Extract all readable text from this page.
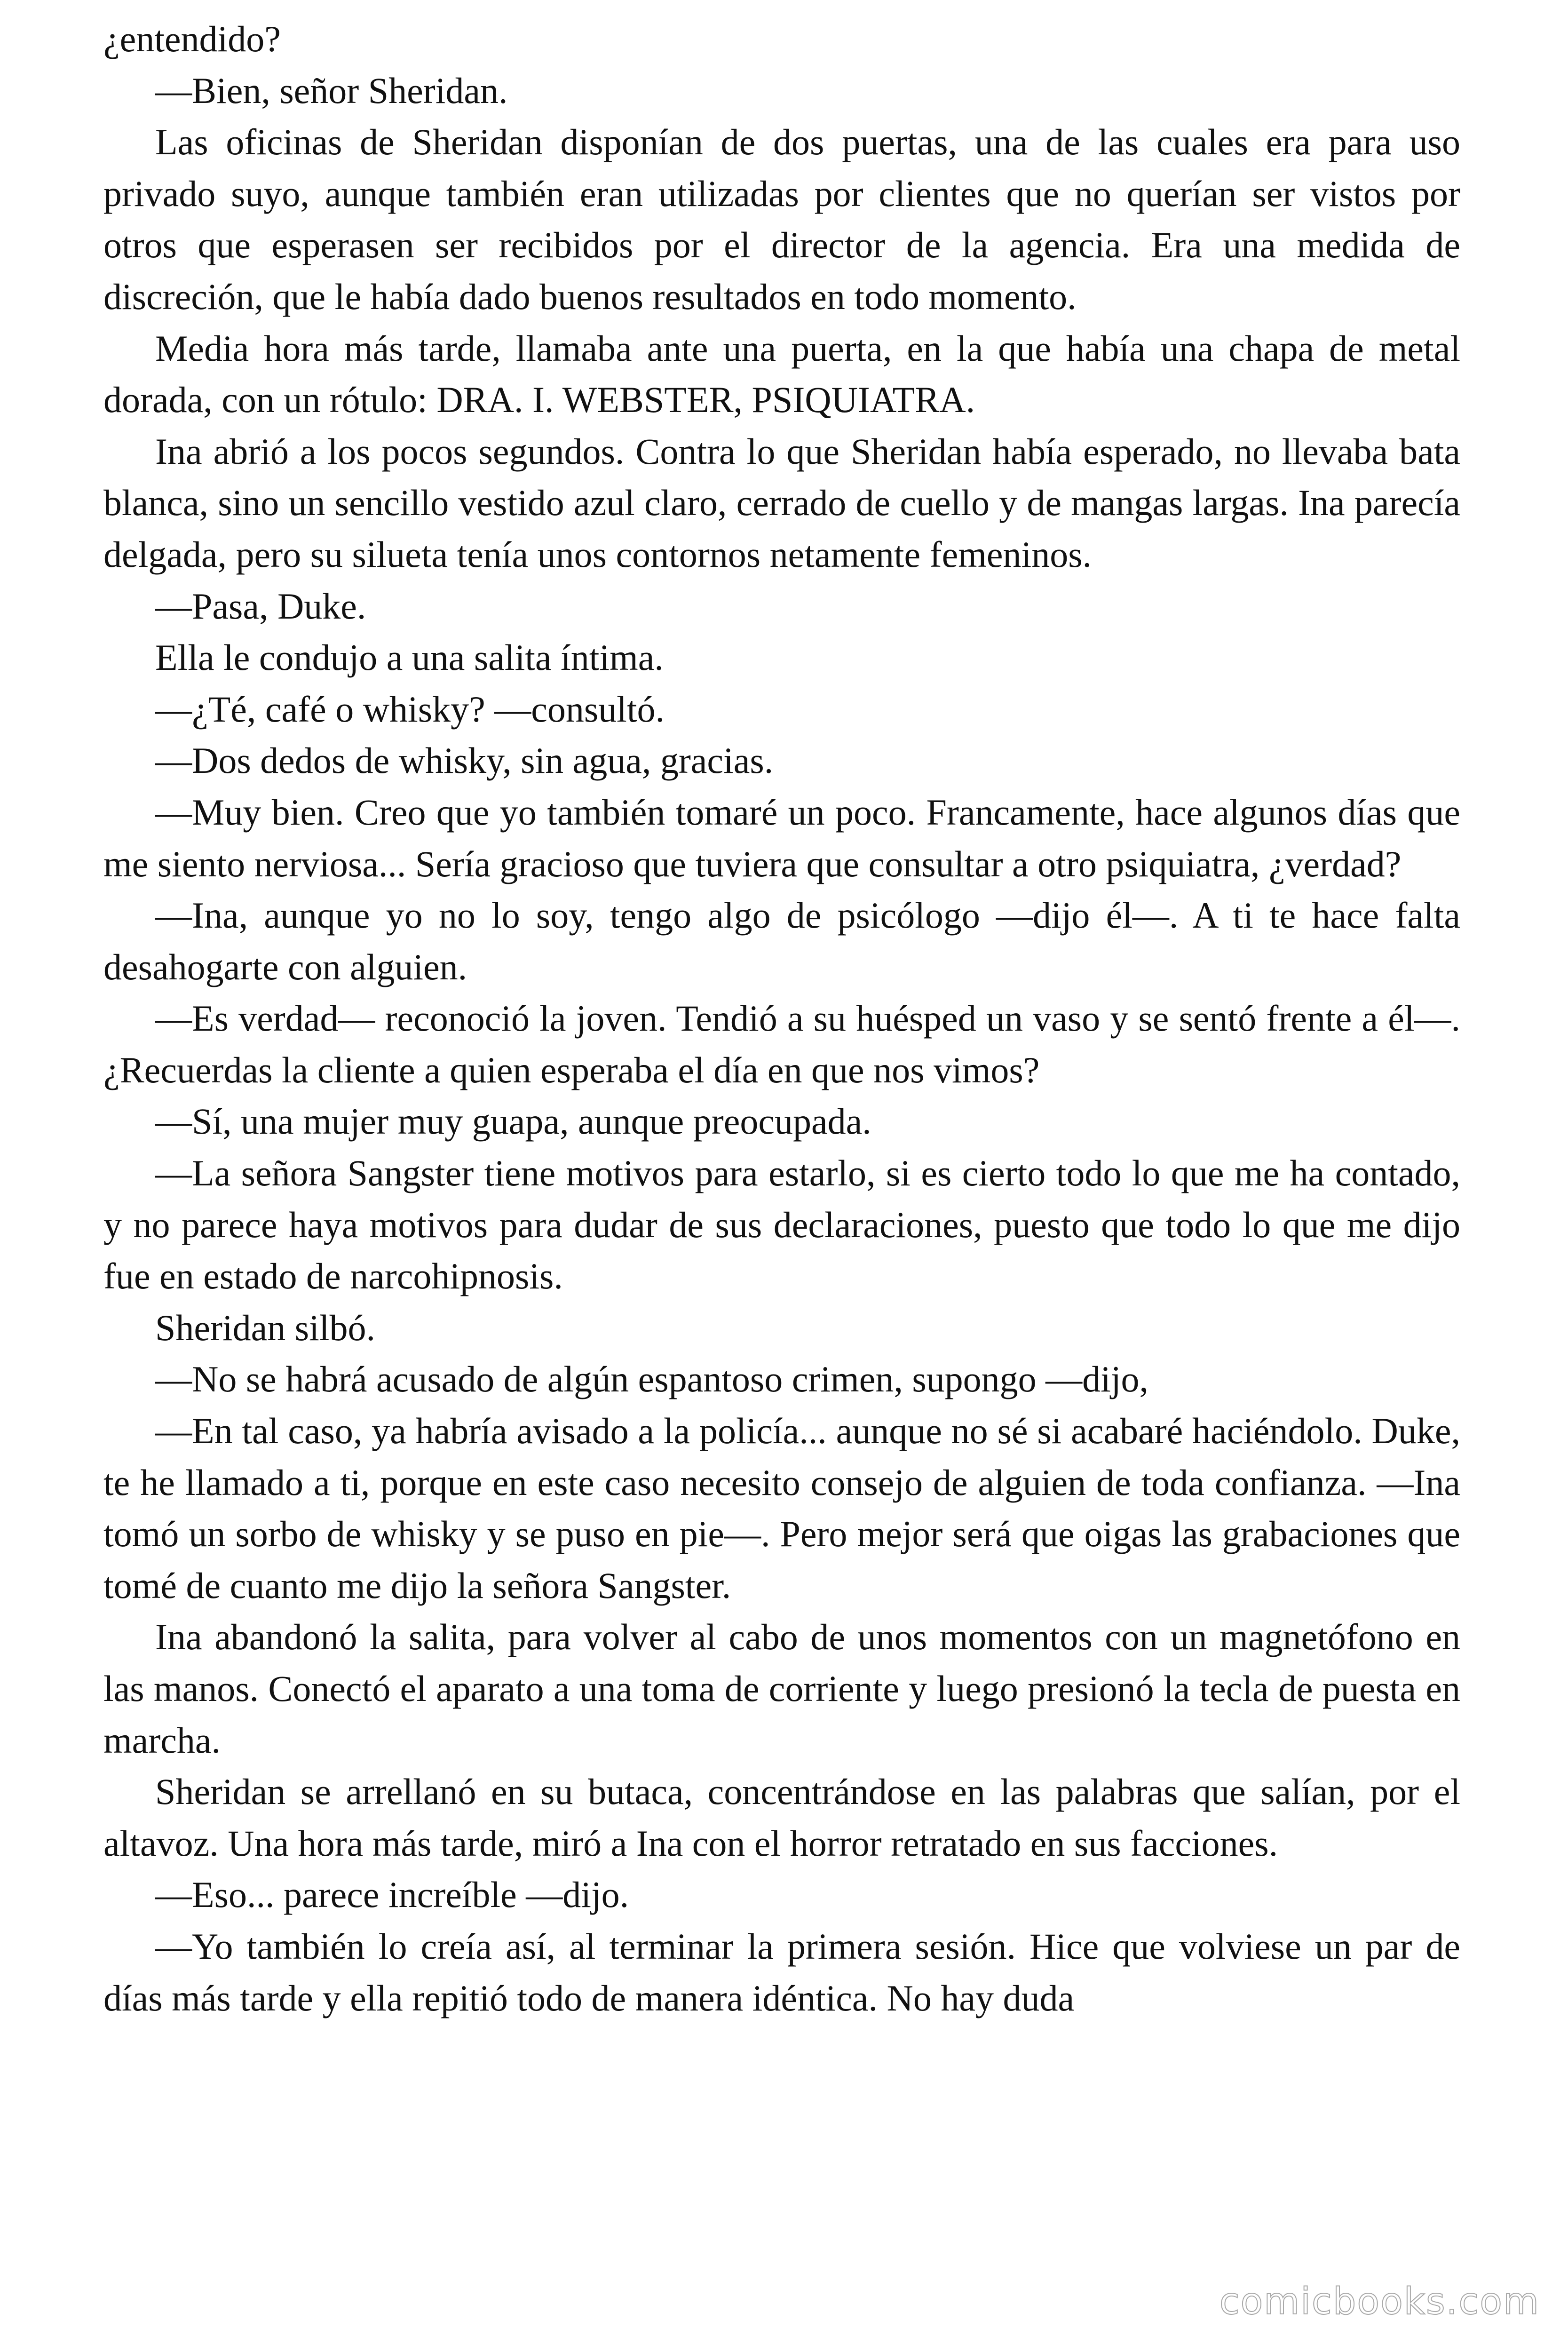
¿entendido?

—Bien, señor Sheridan.

Las oficinas de Sheridan disponían de dos puertas, una de las cuales era para uso privado suyo, aunque también eran utilizadas por clientes que no querían ser vistos por otros que esperasen ser recibidos por el director de la agencia. Era una medida de discreción, que le había dado buenos resultados en todo momento.

Media hora más tarde, llamaba ante una puerta, en la que había una chapa de metal dorada, con un rótulo: DRA. I. WEBSTER, PSIQUIATRA.

Ina abrió a los pocos segundos. Contra lo que Sheridan había esperado, no llevaba bata blanca, sino un sencillo vestido azul claro, cerrado de cuello y de mangas largas. Ina parecía delgada, pero su silueta tenía unos contornos netamente femeninos.

—Pasa, Duke.

Ella le condujo a una salita íntima.

—¿Té, café o whisky? —consultó.

—Dos dedos de whisky, sin agua, gracias.

—Muy bien. Creo que yo también tomaré un poco. Francamente, hace algunos días que me siento nerviosa... Sería gracioso que tuviera que consultar a otro psiquiatra, ¿verdad?

—Ina, aunque yo no lo soy, tengo algo de psicólogo —dijo él—. A ti te hace falta desahogarte con alguien.

—Es verdad— reconoció la joven. Tendió a su huésped un vaso y se sentó frente a él—. ¿Recuerdas la cliente a quien esperaba el día en que nos vimos?

—Sí, una mujer muy guapa, aunque preocupada.

—La señora Sangster tiene motivos para estarlo, si es cierto todo lo que me ha contado, y no parece haya motivos para dudar de sus declaraciones, puesto que todo lo que me dijo fue en estado de narcohipnosis.

Sheridan silbó.

—No se habrá acusado de algún espantoso crimen, supongo —dijo,

—En tal caso, ya habría avisado a la policía... aunque no sé si acabaré haciéndolo. Duke, te he llamado a ti, porque en este caso necesito consejo de alguien de toda confianza. —Ina tomó un sorbo de whisky y se puso en pie—. Pero mejor será que oigas las grabaciones que tomé de cuanto me dijo la señora Sangster.

Ina abandonó la salita, para volver al cabo de unos momentos con un magnetófono en las manos. Conectó el aparato a una toma de corriente y luego presionó la tecla de puesta en marcha.

Sheridan se arrellanó en su butaca, concentrándose en las palabras que salían, por el altavoz. Una hora más tarde, miró a Ina con el horror retratado en sus facciones.

—Eso... parece increíble —dijo.

—Yo también lo creía así, al terminar la primera sesión. Hice que volviese un par de días más tarde y ella repitió todo de manera idéntica. No hay duda

comicbooks.com
